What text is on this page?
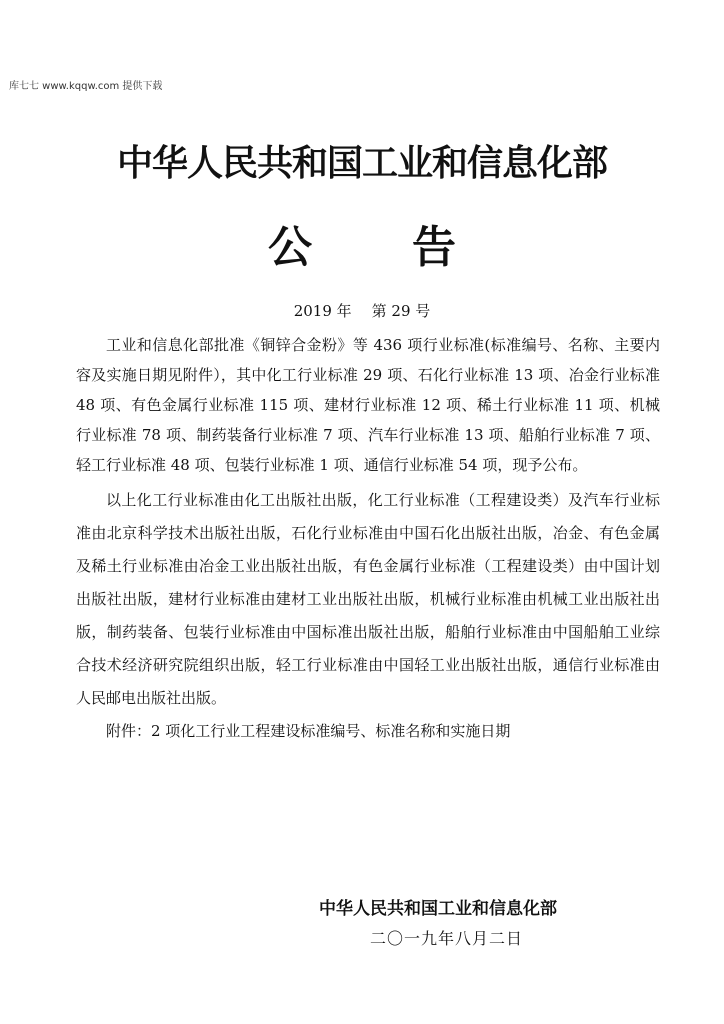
库七七 www.kqqw.com 提供下载
中华人民共和国工业和信息化部
公 告
2019 年 第 29 号

工业和信息化部批准《铜锌合金粉》等 436 项行业标准(标准编号、名称、主要内容及实施日期见附件），其中化工行业标准 29 项、石化行业标准 13 项、冶金行业标准 48 项、有色金属行业标准 115 项、建材行业标准 12 项、稀土行业标准 11 项、机械行业标准 78 项、制药装备行业标准 7 项、汽车行业标准 13 项、船舶行业标准 7 项、轻工行业标准 48 项、包装行业标准 1 项、通信行业标准 54 项，现予公布。

以上化工行业标准由化工出版社出版，化工行业标准（工程建设类）及汽车行业标准由北京科学技术出版社出版，石化行业标准由中国石化出版社出版，冶金、有色金属及稀土行业标准由冶金工业出版社出版，有色金属行业标准（工程建设类）由中国计划出版社出版，建材行业标准由建材工业出版社出版，机械行业标准由机械工业出版社出版，制药装备、包装行业标准由中国标准出版社出版，船舶行业标准由中国船舶工业综合技术经济研究院组织出版，轻工行业标准由中国轻工业出版社出版，通信行业标准由人民邮电出版社出版。

附件：2 项化工行业工程建设标准编号、标准名称和实施日期

中华人民共和国工业和信息化部
二〇一九年八月二日
